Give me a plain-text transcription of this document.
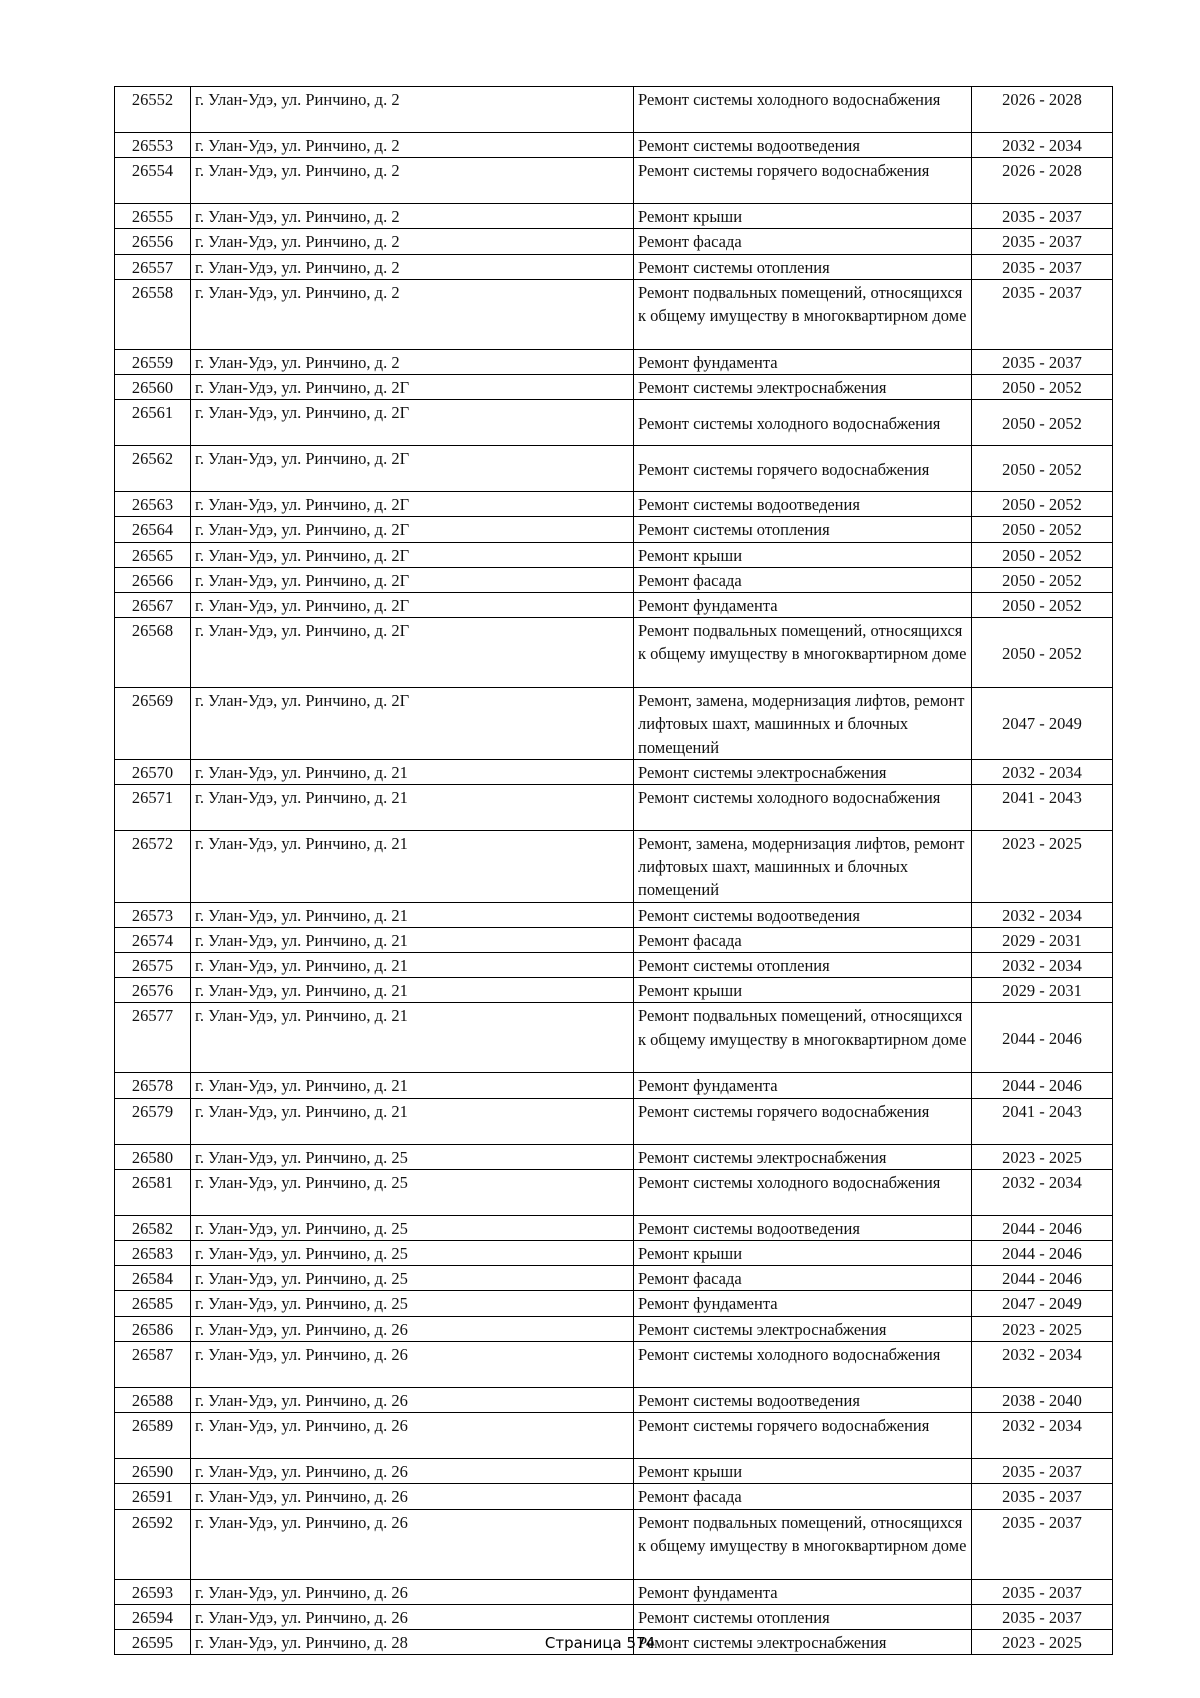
26552	г. Улан-Удэ, ул. Ринчино, д. 2	Ремонт системы холодного водоснабжения	2026 - 2028
26553	г. Улан-Удэ, ул. Ринчино, д. 2	Ремонт системы водоотведения	2032 - 2034
26554	г. Улан-Удэ, ул. Ринчино, д. 2	Ремонт системы горячего водоснабжения	2026 - 2028
26555	г. Улан-Удэ, ул. Ринчино, д. 2	Ремонт крыши	2035 - 2037
26556	г. Улан-Удэ, ул. Ринчино, д. 2	Ремонт фасада	2035 - 2037
26557	г. Улан-Удэ, ул. Ринчино, д. 2	Ремонт системы отопления	2035 - 2037
26558	г. Улан-Удэ, ул. Ринчино, д. 2	Ремонт подвальных помещений, относящихся к общему имуществу в многоквартирном доме	2035 - 2037
26559	г. Улан-Удэ, ул. Ринчино, д. 2	Ремонт фундамента	2035 - 2037
26560	г. Улан-Удэ, ул. Ринчино, д. 2Г	Ремонт системы электроснабжения	2050 - 2052
26561	г. Улан-Удэ, ул. Ринчино, д. 2Г	Ремонт системы холодного водоснабжения	2050 - 2052
26562	г. Улан-Удэ, ул. Ринчино, д. 2Г	Ремонт системы горячего водоснабжения	2050 - 2052
26563	г. Улан-Удэ, ул. Ринчино, д. 2Г	Ремонт системы водоотведения	2050 - 2052
26564	г. Улан-Удэ, ул. Ринчино, д. 2Г	Ремонт системы отопления	2050 - 2052
26565	г. Улан-Удэ, ул. Ринчино, д. 2Г	Ремонт крыши	2050 - 2052
26566	г. Улан-Удэ, ул. Ринчино, д. 2Г	Ремонт фасада	2050 - 2052
26567	г. Улан-Удэ, ул. Ринчино, д. 2Г	Ремонт фундамента	2050 - 2052
26568	г. Улан-Удэ, ул. Ринчино, д. 2Г	Ремонт подвальных помещений, относящихся к общему имуществу в многоквартирном доме	2050 - 2052
26569	г. Улан-Удэ, ул. Ринчино, д. 2Г	Ремонт, замена, модернизация лифтов, ремонт лифтовых шахт, машинных и блочных помещений	2047 - 2049
26570	г. Улан-Удэ, ул. Ринчино, д. 21	Ремонт системы электроснабжения	2032 - 2034
26571	г. Улан-Удэ, ул. Ринчино, д. 21	Ремонт системы холодного водоснабжения	2041 - 2043
26572	г. Улан-Удэ, ул. Ринчино, д. 21	Ремонт, замена, модернизация лифтов, ремонт лифтовых шахт, машинных и блочных помещений	2023 - 2025
26573	г. Улан-Удэ, ул. Ринчино, д. 21	Ремонт системы водоотведения	2032 - 2034
26574	г. Улан-Удэ, ул. Ринчино, д. 21	Ремонт фасада	2029 - 2031
26575	г. Улан-Удэ, ул. Ринчино, д. 21	Ремонт системы отопления	2032 - 2034
26576	г. Улан-Удэ, ул. Ринчино, д. 21	Ремонт крыши	2029 - 2031
26577	г. Улан-Удэ, ул. Ринчино, д. 21	Ремонт подвальных помещений, относящихся к общему имуществу в многоквартирном доме	2044 - 2046
26578	г. Улан-Удэ, ул. Ринчино, д. 21	Ремонт фундамента	2044 - 2046
26579	г. Улан-Удэ, ул. Ринчино, д. 21	Ремонт системы горячего водоснабжения	2041 - 2043
26580	г. Улан-Удэ, ул. Ринчино, д. 25	Ремонт системы электроснабжения	2023 - 2025
26581	г. Улан-Удэ, ул. Ринчино, д. 25	Ремонт системы холодного водоснабжения	2032 - 2034
26582	г. Улан-Удэ, ул. Ринчино, д. 25	Ремонт системы водоотведения	2044 - 2046
26583	г. Улан-Удэ, ул. Ринчино, д. 25	Ремонт крыши	2044 - 2046
26584	г. Улан-Удэ, ул. Ринчино, д. 25	Ремонт фасада	2044 - 2046
26585	г. Улан-Удэ, ул. Ринчино, д. 25	Ремонт фундамента	2047 - 2049
26586	г. Улан-Удэ, ул. Ринчино, д. 26	Ремонт системы электроснабжения	2023 - 2025
26587	г. Улан-Удэ, ул. Ринчино, д. 26	Ремонт системы холодного водоснабжения	2032 - 2034
26588	г. Улан-Удэ, ул. Ринчино, д. 26	Ремонт системы водоотведения	2038 - 2040
26589	г. Улан-Удэ, ул. Ринчино, д. 26	Ремонт системы горячего водоснабжения	2032 - 2034
26590	г. Улан-Удэ, ул. Ринчино, д. 26	Ремонт крыши	2035 - 2037
26591	г. Улан-Удэ, ул. Ринчино, д. 26	Ремонт фасада	2035 - 2037
26592	г. Улан-Удэ, ул. Ринчино, д. 26	Ремонт подвальных помещений, относящихся к общему имуществу в многоквартирном доме	2035 - 2037
26593	г. Улан-Удэ, ул. Ринчино, д. 26	Ремонт фундамента	2035 - 2037
26594	г. Улан-Удэ, ул. Ринчино, д. 26	Ремонт системы отопления	2035 - 2037
26595	г. Улан-Удэ, ул. Ринчино, д. 28	Ремонт системы электроснабжения	2023 - 2025
Страница 574
